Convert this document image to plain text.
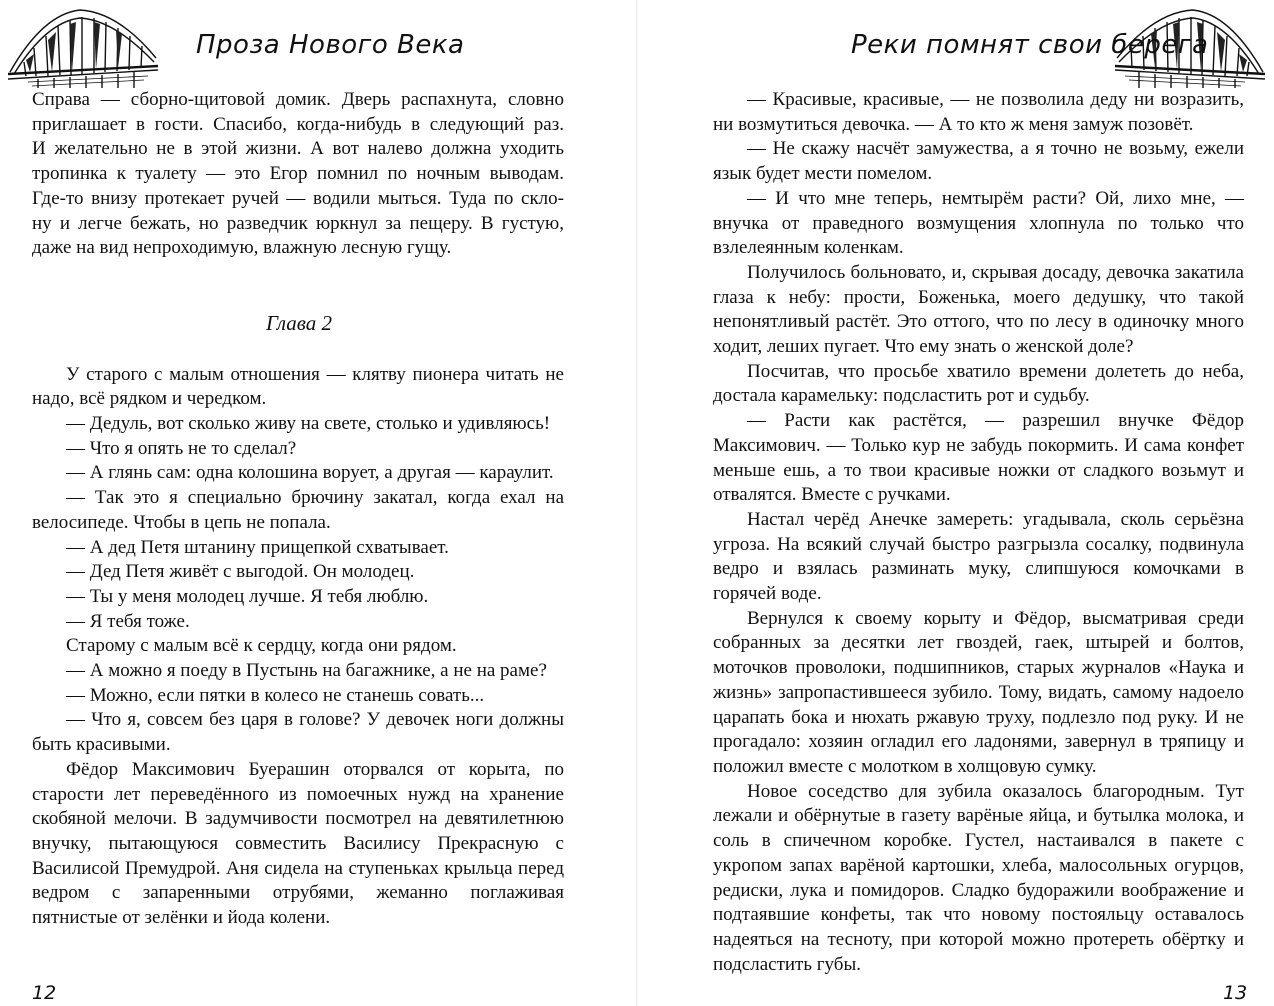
Проза Нового Века

Справа — сборно-щитовой домик. Дверь распахнута, словно

приглашает в гости. Спасибо, когда-нибудь в следующий раз.

И желательно не в этой жизни. А вот налево должна уходить

тропинка к туалету — это Егор помнил по ночным выводам.

Где-то внизу протекает ручей — водили мыться. Туда по скло-

ну и легче бежать, но разведчик юркнул за пещеру. В густую,

даже на вид непроходимую, влажную лесную гущу.

Глава 2

У старого с малым отношения — клятву пионера читать не надо, всё рядком и чередком.

— Дедуль, вот сколько живу на свете, столько и удивляюсь!

— Что я опять не то сделал?

— А глянь сам: одна колошина ворует, а другая — караулит.

— Так это я специально брючину закатал, когда ехал на велосипеде. Чтобы в цепь не попала.

— А дед Петя штанину прищепкой схватывает.

— Дед Петя живёт с выгодой. Он молодец.

— Ты у меня молодец лучше. Я тебя люблю.

— Я тебя тоже.

Старому с малым всё к сердцу, когда они рядом.

— А можно я поеду в Пустынь на багажнике, а не на раме?

— Можно, если пятки в колесо не станешь совать...

— Что я, совсем без царя в голове? У девочек ноги должны быть красивыми.

Фёдор Максимович Буерашин оторвался от корыта, по старости лет переведённого из помоечных нужд на хранение скобяной мелочи. В задумчивости посмотрел на девятилетнюю внучку, пытающуюся совместить Василису Прекрасную с Василисой Премудрой. Аня сидела на ступеньках крыльца перед ведром с запаренными отрубями, жеманно поглаживая пятнистые от зелёнки и йода колени.

12
Реки помнят свои берега

— Красивые, красивые, — не позволила деду ни возразить, ни возмутиться девочка. — А то кто ж меня замуж позовёт.

— Не скажу насчёт замужества, а я точно не возьму, ежели язык будет мести помелом.

— И что мне теперь, немтырём расти? Ой, лихо мне, — внучка от праведного возмущения хлопнула по только что взлелеянным коленкам.

Получилось больновато, и, скрывая досаду, девочка закатила глаза к небу: прости, Боженька, моего дедушку, что такой непонятливый растёт. Это оттого, что по лесу в одиночку много ходит, леших пугает. Что ему знать о женской доле?

Посчитав, что просьбе хватило времени долететь до неба, достала карамельку: подсластить рот и судьбу.

— Расти как растётся, — разрешил внучке Фёдор Максимович. — Только кур не забудь покормить. И сама конфет меньше ешь, а то твои красивые ножки от сладкого возьмут и отвалятся. Вместе с ручками.

Настал черёд Анечке замереть: угадывала, сколь серьёзна угроза. На всякий случай быстро разгрызла сосалку, подвинула ведро и взялась разминать муку, слипшуюся комочками в горячей воде.

Вернулся к своему корыту и Фёдор, высматривая среди собранных за десятки лет гвоздей, гаек, штырей и болтов, моточков проволоки, подшипников, старых журналов «Наука и жизнь» запропастившееся зубило. Тому, видать, самому надоело царапать бока и нюхать ржавую труху, подлезло под руку. И не прогадало: хозяин огладил его ладонями, завернул в тряпицу и положил вместе с молотком в холщовую сумку.

Новое соседство для зубила оказалось благородным. Тут лежали и обёрнутые в газету варёные яйца, и бутылка молока, и соль в спичечном коробке. Густел, настаивался в пакете с укропом запах варёной картошки, хлеба, малосольных огурцов, редиски, лука и помидоров. Сладко будоражили воображение и подтаявшие конфеты, так что новому постояльцу оставалось надеяться на тесноту, при которой можно протереть обёртку и подсластить губы.

13
